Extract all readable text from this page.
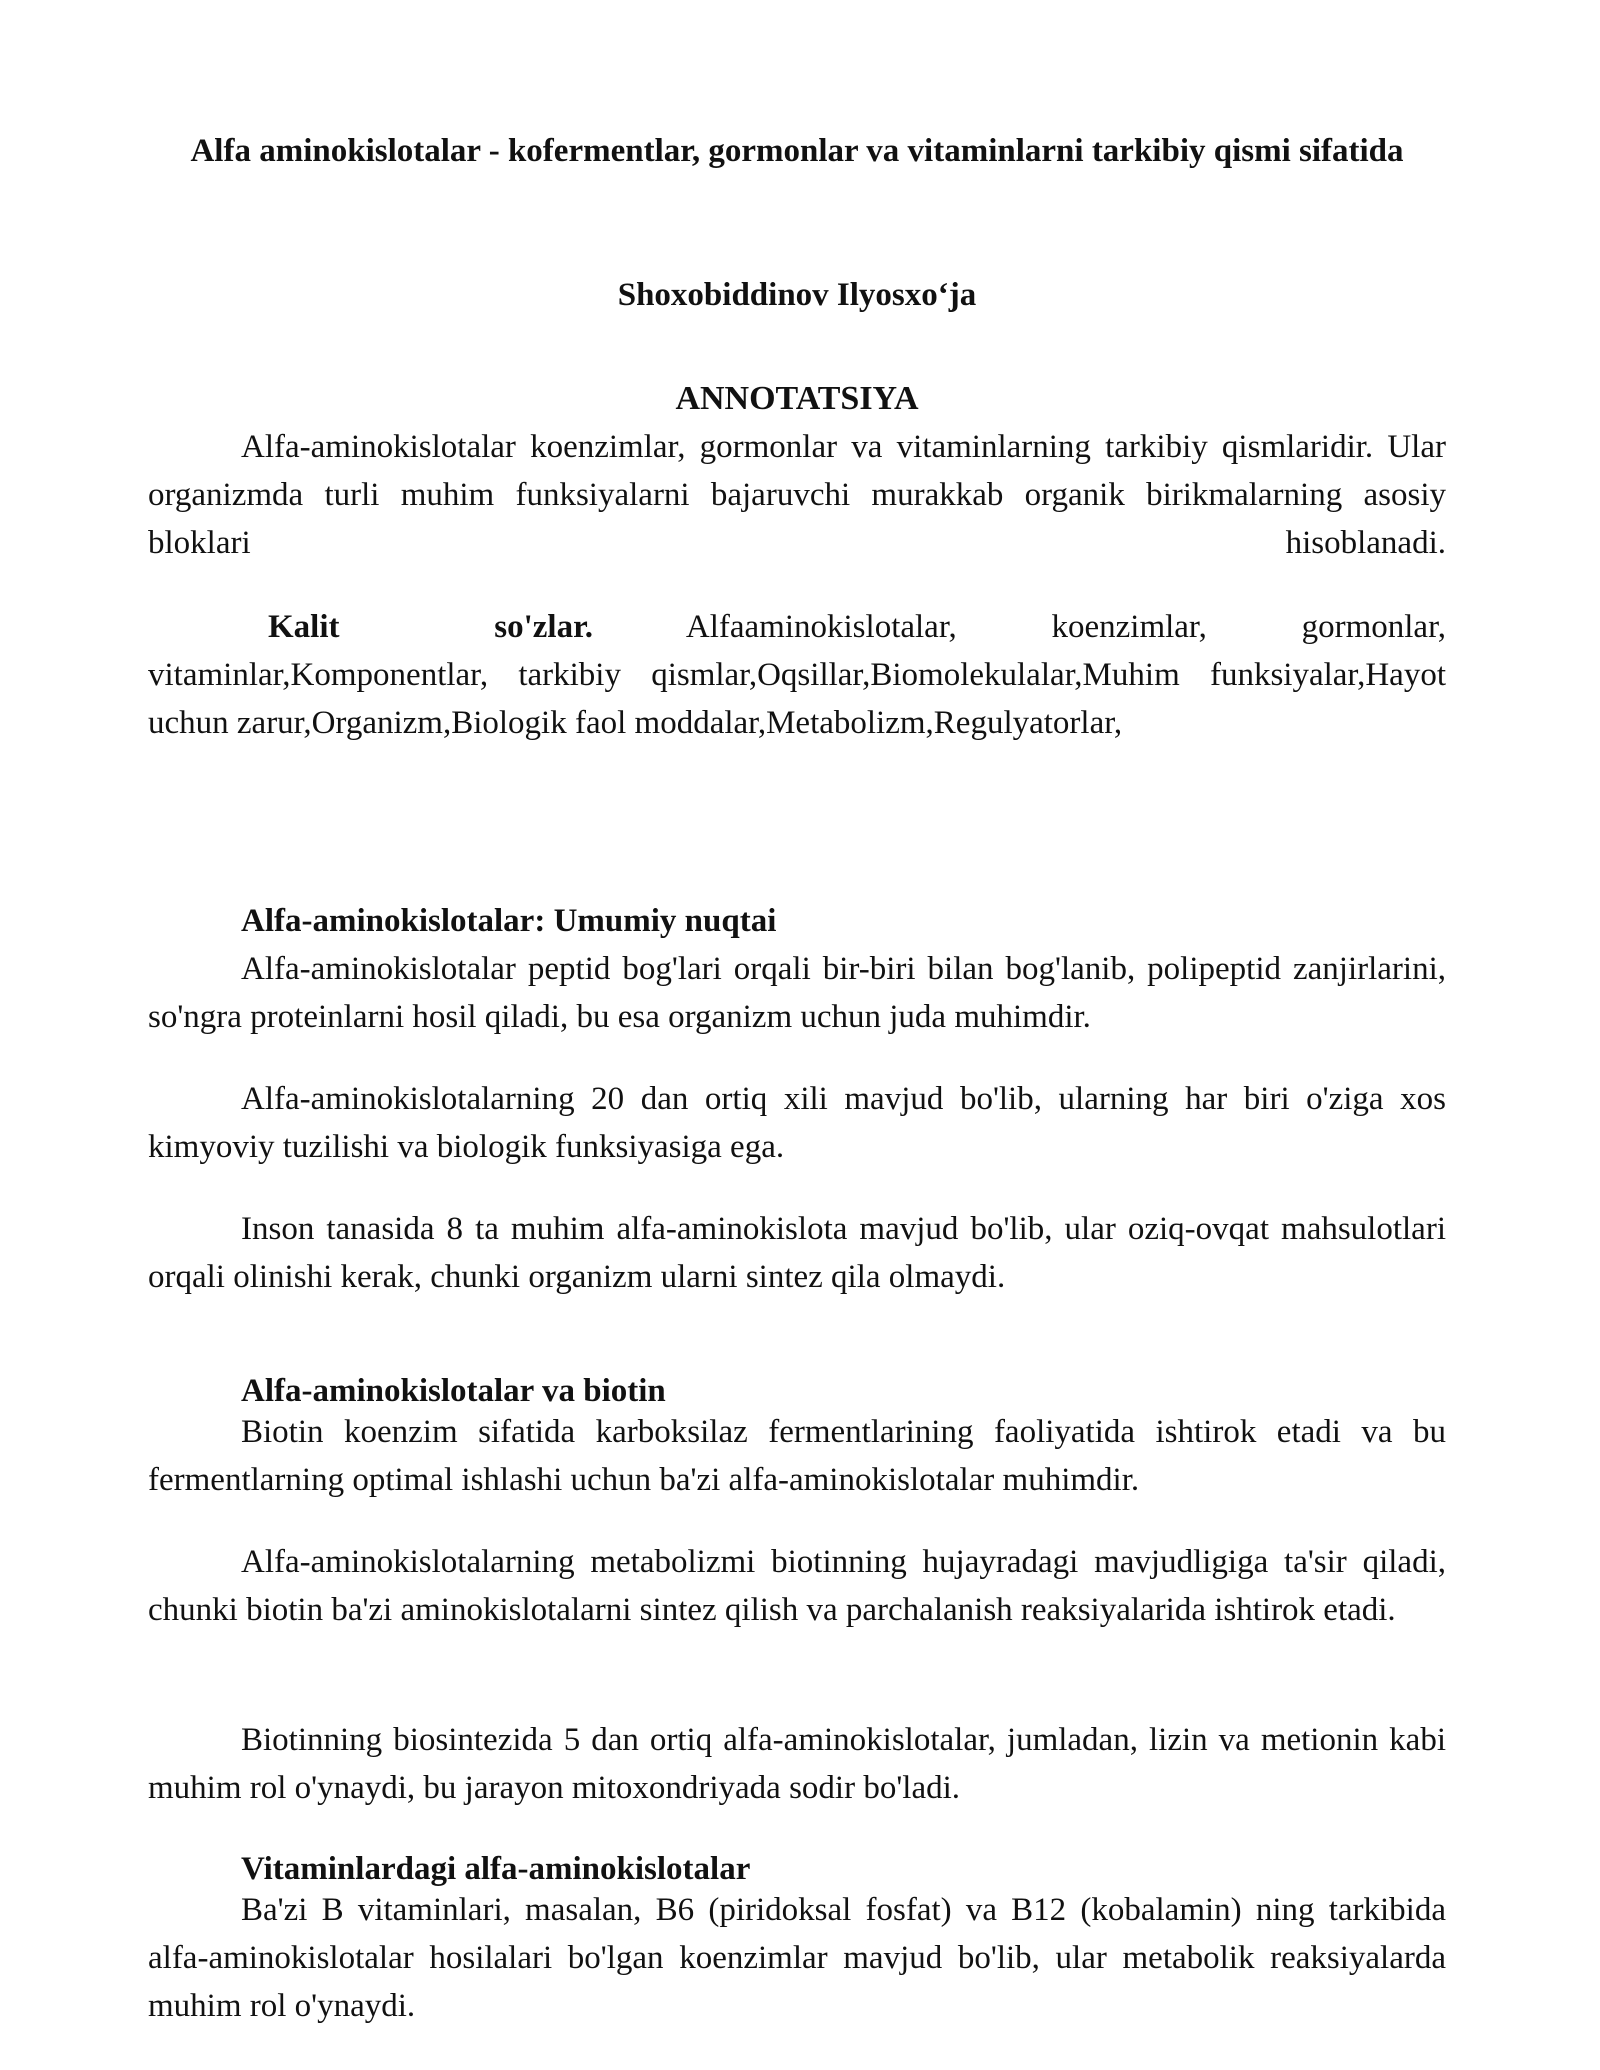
Alfa aminokislotalar - kofermentlar, gormonlar va vitaminlarni tarkibiy qismi sifatida
Shoxobiddinov Ilyosxo‘ja
ANNOTATSIYA

Alfa-aminokislotalar koenzimlar, gormonlar va vitaminlarning tarkibiy qismlaridir. Ular organizmda turli muhim funksiyalarni bajaruvchi murakkab organik birikmalarning asosiy bloklari hisoblanadi.

Kalit so'zlar.	Alfaaminokislotalar, koenzimlar, gormonlar, vitaminlar,Komponentlar, tarkibiy qismlar,Oqsillar,Biomolekulalar,Muhim funksiyalar,Hayot uchun zarur,Organizm,Biologik faol moddalar,Metabolizm,Regulyatorlar,

Alfa-aminokislotalar: Umumiy nuqtai

Alfa-aminokislotalar peptid bog'lari orqali bir-biri bilan bog'lanib, polipeptid zanjirlarini, so'ngra proteinlarni hosil qiladi, bu esa organizm uchun juda muhimdir.

Alfa-aminokislotalarning 20 dan ortiq xili mavjud bo'lib, ularning har biri o'ziga xos kimyoviy tuzilishi va biologik funksiyasiga ega.

Inson tanasida 8 ta muhim alfa-aminokislota mavjud bo'lib, ular oziq-ovqat mahsulotlari orqali olinishi kerak, chunki organizm ularni sintez qila olmaydi.

Alfa-aminokislotalar va biotin

Biotin koenzim sifatida karboksilaz fermentlarining faoliyatida ishtirok etadi va bu fermentlarning optimal ishlashi uchun ba'zi alfa-aminokislotalar muhimdir.

Alfa-aminokislotalarning metabolizmi biotinning hujayradagi mavjudligiga ta'sir qiladi, chunki biotin ba'zi aminokislotalarni sintez qilish va parchalanish reaksiyalarida ishtirok etadi.

Biotinning biosintezida 5 dan ortiq alfa-aminokislotalar, jumladan, lizin va metionin kabi muhim rol o'ynaydi, bu jarayon mitoxondriyada sodir bo'ladi.

Vitaminlardagi alfa-aminokislotalar

Ba'zi B vitaminlari, masalan, B6 (piridoksal fosfat) va B12 (kobalamin) ning tarkibida alfa-aminokislotalar hosilalari bo'lgan koenzimlar mavjud bo'lib, ular metabolik reaksiyalarda muhim rol o'ynaydi.
